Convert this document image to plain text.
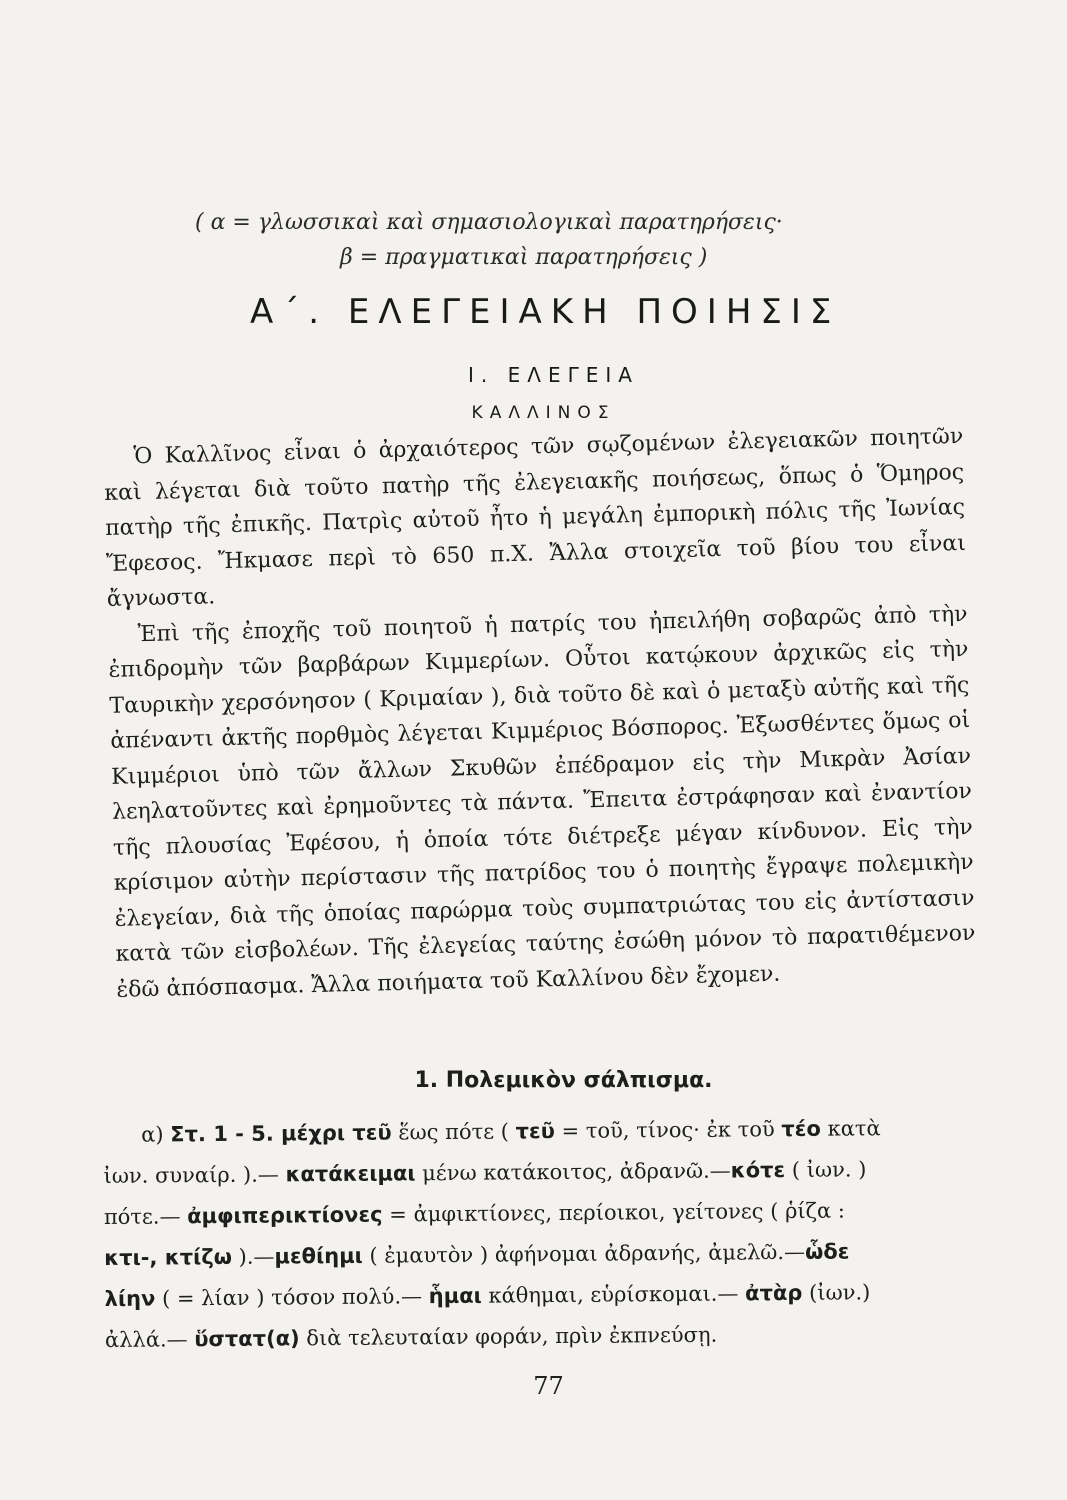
( α = γλωσσικαὶ καὶ σημασιολογικαὶ παρατηρήσεις·
β = πραγματικαὶ παρατηρήσεις )
Α΄. ΕΛΕΓΕΙΑΚΗ ΠΟΙΗΣΙΣ
Ι. ΕΛΕΓΕΙΑ
ΚΑΛΛΙΝΟΣ

Ὁ Καλλῖνος εἶναι ὁ ἀρχαιότερος τῶν σῳζομένων ἐλεγειακῶν ποιητῶν καὶ λέγεται διὰ τοῦτο πατὴρ τῆς ἐλεγειακῆς ποιήσεως, ὅπως ὁ Ὅμηρος πατὴρ τῆς ἐπικῆς. Πατρὶς αὐτοῦ ἦτο ἡ μεγάλη ἐμπορικὴ πόλις τῆς Ἰωνίας Ἔφεσος. Ἤκμασε περὶ τὸ 650 π.Χ. Ἄλλα στοιχεῖα τοῦ βίου του εἶναι ἄγνωστα.

Ἐπὶ τῆς ἐποχῆς τοῦ ποιητοῦ ἡ πατρίς του ἠπειλήθη σοβαρῶς ἀπὸ τὴν ἐπιδρομὴν τῶν βαρβάρων Κιμμερίων. Οὗτοι κατῴκουν ἀρχικῶς εἰς τὴν Ταυρικὴν χερσόνησον ( Κριμαίαν ), διὰ τοῦτο δὲ καὶ ὁ μεταξὺ αὐτῆς καὶ τῆς ἀπέναντι ἀκτῆς πορθμὸς λέγεται Κιμμέριος Βόσπορος. Ἐξωσθέντες ὅμως οἱ Κιμμέριοι ὑπὸ τῶν ἄλλων Σκυθῶν ἐπέδραμον εἰς τὴν Μικρὰν Ἀσίαν λεηλατοῦντες καὶ ἐρημοῦντες τὰ πάντα. Ἔπειτα ἐστράφησαν καὶ ἐναντίον τῆς πλουσίας Ἐφέσου, ἡ ὁποία τότε διέτρεξε μέγαν κίνδυνον. Εἰς τὴν κρίσιμον αὐτὴν περίστασιν τῆς πατρίδος του ὁ ποιητὴς ἔγραψε πολεμικὴν ἐλεγείαν, διὰ τῆς ὁποίας παρώρμα τοὺς συμπατριώτας του εἰς ἀντίστασιν κατὰ τῶν εἰσβολέων. Τῆς ἐλεγείας ταύτης ἐσώθη μόνον τὸ παρατιθέμενον ἐδῶ ἀπόσπασμα. Ἄλλα ποιήματα τοῦ Καλλίνου δὲν ἔχομεν.

1. Πολεμικὸν σάλπισμα.
α) Στ. 1 - 5. μέχρι τεῦ ἕως πότε ( τεῦ = τοῦ, τίνος· ἐκ τοῦ τέο κατὰ
ἰων. συναίρ. ).— κατάκειμαι μένω κατάκοιτος, ἀδρανῶ.—κότε ( ἰων. )
πότε.— ἀμφιπερικτίονες = ἀμφικτίονες, περίοικοι, γείτονες ( ῥίζα :
κτι-, κτίζω ).—μεθίημι ( ἐμαυτὸν ) ἀφήνομαι ἀδρανής, ἀμελῶ.—ὧδε
λίην ( = λίαν ) τόσον πολύ.— ἧμαι κάθημαι, εὑρίσκομαι.— ἀτὰρ (ἰων.)
ἀλλά.— ὕστατ(α) διὰ τελευταίαν φοράν, πρὶν ἐκπνεύσῃ.
77
